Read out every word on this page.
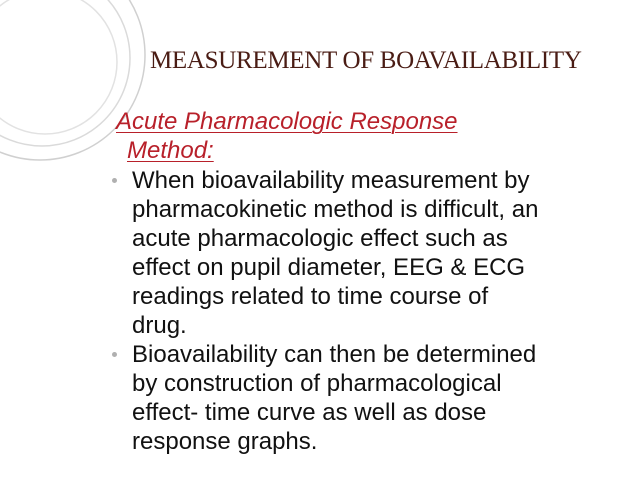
MEASUREMENT OF BOAVAILABILITY
Acute Pharmacologic Response
Method:
When bioavailability measurement by
pharmacokinetic method is difficult, an
acute pharmacologic effect such as
effect on pupil diameter, EEG & ECG
readings related to time course of
drug.
Bioavailability can then be determined
by construction of pharmacological
effect- time curve as well as dose
response graphs.
